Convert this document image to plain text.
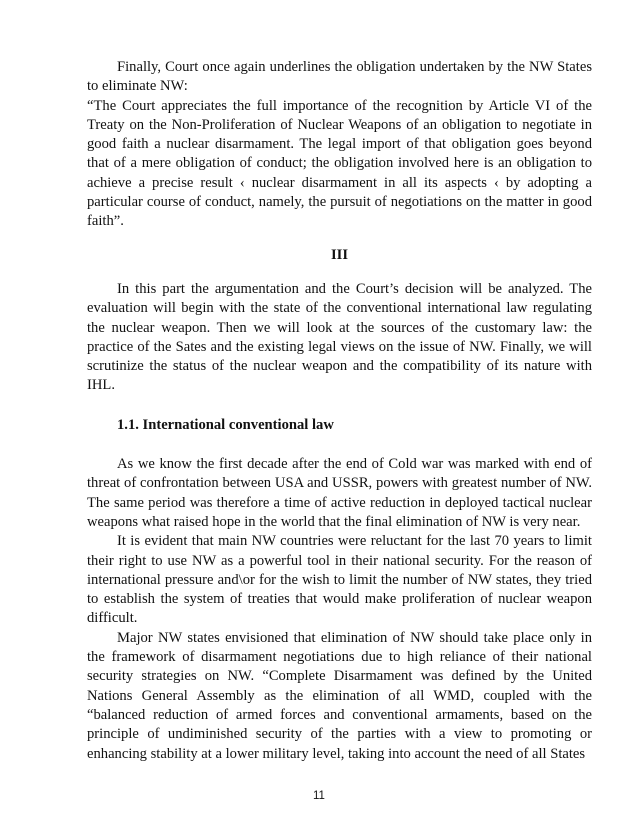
Finally, Court once again underlines the obligation undertaken by the NW States to eliminate NW:

“The Court appreciates the full importance of the recognition by Article VI of the Treaty on the Non-Proliferation of Nuclear Weapons of an obligation to negotiate in good faith a nuclear disarmament. The legal import of that obligation goes beyond that of a mere obligation of conduct; the obligation involved here is an obligation to achieve a precise result ‹ nuclear disarmament in all its aspects ‹ by adopting a particular course of conduct, namely, the pursuit of negotiations on the matter in good faith”.

III

In this part the argumentation and the Court’s decision will be analyzed. The evaluation will begin with the state of the conventional international law regulating the nuclear weapon. Then we will look at the sources of the customary law: the practice of the Sates and the existing legal views on the issue of NW. Finally, we will scrutinize the status of the nuclear weapon and the compatibility of its nature with IHL.

1.1. International conventional law

As we know the first decade after the end of Cold war was marked with end of threat of confrontation between USA and USSR, powers with greatest number of NW. The same period was therefore a time of active reduction in deployed tactical nuclear weapons what raised hope in the world that the final elimination of NW is very near.

It is evident that main NW countries were reluctant for the last 70 years to limit their right to use NW as a powerful tool in their national security. For the reason of international pressure and\or for the wish to limit the number of NW states, they tried to establish the system of treaties that would make proliferation of nuclear weapon difficult.

Major NW states envisioned that elimination of NW should take place only in the framework of disarmament negotiations due to high reliance of their national security strategies on NW. “Complete Disarmament was defined by the United Nations General Assembly as the elimination of all WMD, coupled with the “balanced reduction of armed forces and conventional armaments, based on the principle of undiminished security of the parties with a view to promoting or enhancing stability at a lower military level, taking into account the need of all States

11
